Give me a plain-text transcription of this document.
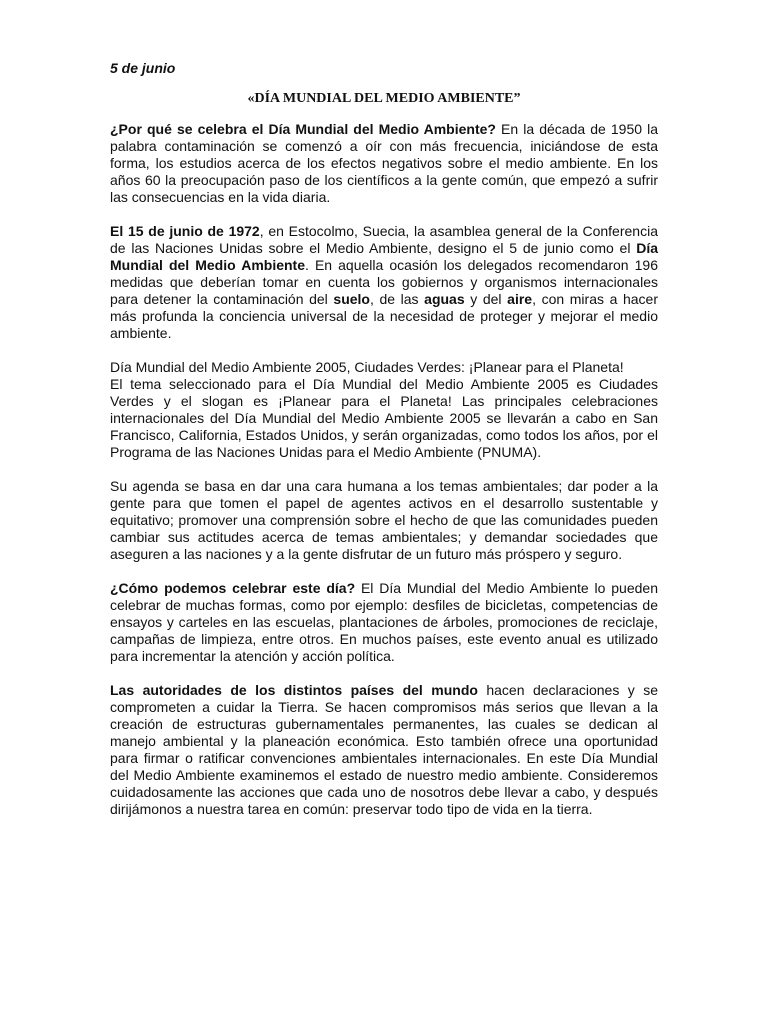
5 de junio
«DÍA MUNDIAL DEL MEDIO AMBIENTE”

¿Por qué se celebra el Día Mundial del Medio Ambiente? En la década de 1950 la palabra contaminación se comenzó a oír con más frecuencia, iniciándose de esta forma, los estudios acerca de los efectos negativos sobre el medio ambiente. En los años 60 la preocupación paso de los científicos a la gente común, que empezó a sufrir las consecuencias en la vida diaria.

El 15 de junio de 1972, en Estocolmo, Suecia, la asamblea general de la Conferencia de las Naciones Unidas sobre el Medio Ambiente, designo el 5 de junio como el Día Mundial del Medio Ambiente. En aquella ocasión los delegados recomendaron 196 medidas que deberían tomar en cuenta los gobiernos y organismos internacionales para detener la contaminación del suelo, de las aguas y del aire, con miras a hacer más profunda la conciencia universal de la necesidad de proteger y mejorar el medio ambiente.

Día Mundial del Medio Ambiente 2005, Ciudades Verdes: ¡Planear para el Planeta!

El tema seleccionado para el Día Mundial del Medio Ambiente 2005 es Ciudades Verdes y el slogan es ¡Planear para el Planeta! Las principales celebraciones internacionales del Día Mundial del Medio Ambiente 2005 se llevarán a cabo en San Francisco, California, Estados Unidos, y serán organizadas, como todos los años, por el Programa de las Naciones Unidas para el Medio Ambiente (PNUMA).

Su agenda se basa en dar una cara humana a los temas ambientales; dar poder a la gente para que tomen el papel de agentes activos en el desarrollo sustentable y equitativo; promover una comprensión sobre el hecho de que las comunidades pueden cambiar sus actitudes acerca de temas ambientales; y demandar sociedades que aseguren a las naciones y a la gente disfrutar de un futuro más próspero y seguro.

¿Cómo podemos celebrar este día? El Día Mundial del Medio Ambiente lo pueden celebrar de muchas formas, como por ejemplo: desfiles de bicicletas, competencias de ensayos y carteles en las escuelas, plantaciones de árboles, promociones de reciclaje, campañas de limpieza, entre otros. En muchos países, este evento anual es utilizado para incrementar la atención y acción política.

Las autoridades de los distintos países del mundo hacen declaraciones y se comprometen a cuidar la Tierra. Se hacen compromisos más serios que llevan a la creación de estructuras gubernamentales permanentes, las cuales se dedican al manejo ambiental y la planeación económica. Esto también ofrece una oportunidad para firmar o ratificar convenciones ambientales internacionales. En este Día Mundial del Medio Ambiente examinemos el estado de nuestro medio ambiente. Consideremos cuidadosamente las acciones que cada uno de nosotros debe llevar a cabo, y después dirijámonos a nuestra tarea en común: preservar todo tipo de vida en la tierra.
